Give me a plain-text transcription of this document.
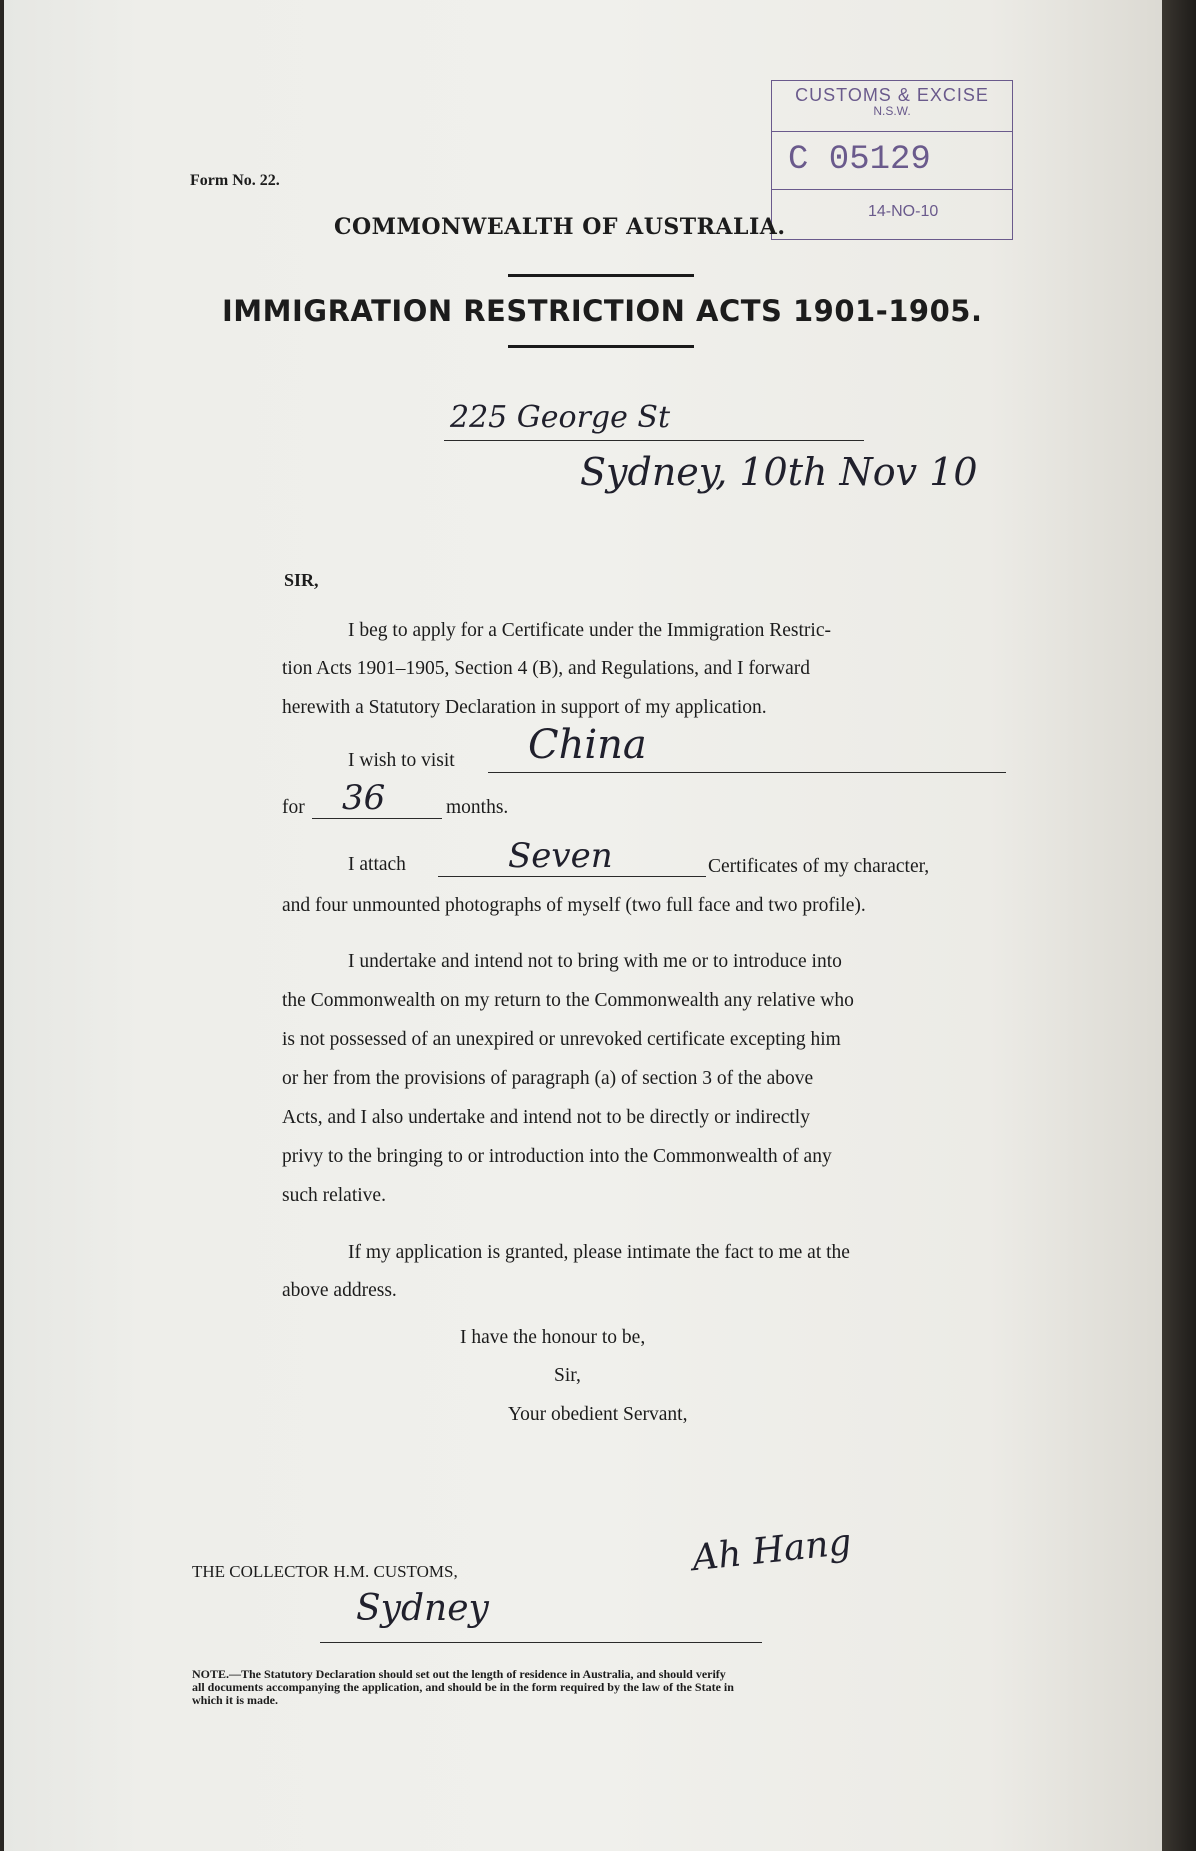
Form No. 22.
CUSTOMS & EXCISE
N.S.W.
C 05129
14-NO-10
COMMONWEALTH OF AUSTRALIA.
IMMIGRATION RESTRICTION ACTS 1901-1905.
225 George St
Sydney, 10th Nov 10
SIR,
I beg to apply for a Certificate under the Immigration Restric-
tion Acts 1901–1905, Section 4 (B), and Regulations, and I forward
herewith a Statutory Declaration in support of my application.
I wish to visit China
for 36	months.
I attach	Seven	Certificates of my character,
and four unmounted photographs of myself (two full face and two profile).
I undertake and intend not to bring with me or to introduce into
the Commonwealth on my return to the Commonwealth any relative who
is not possessed of an unexpired or unrevoked certificate excepting him
or her from the provisions of paragraph (a) of section 3 of the above
Acts, and I also undertake and intend not to be directly or indirectly
privy to the bringing to or introduction into the Commonwealth of any
such relative.
If my application is granted, please intimate the fact to me at the
above address.
I have the honour to be,
Sir,
Your obedient Servant,
Ah Hang
THE COLLECTOR H.M. CUSTOMS,
Sydney
NOTE.—The Statutory Declaration should set out the length of residence in Australia, and should verify
all documents accompanying the application, and should be in the form required by the law of the State in
which it is made.
